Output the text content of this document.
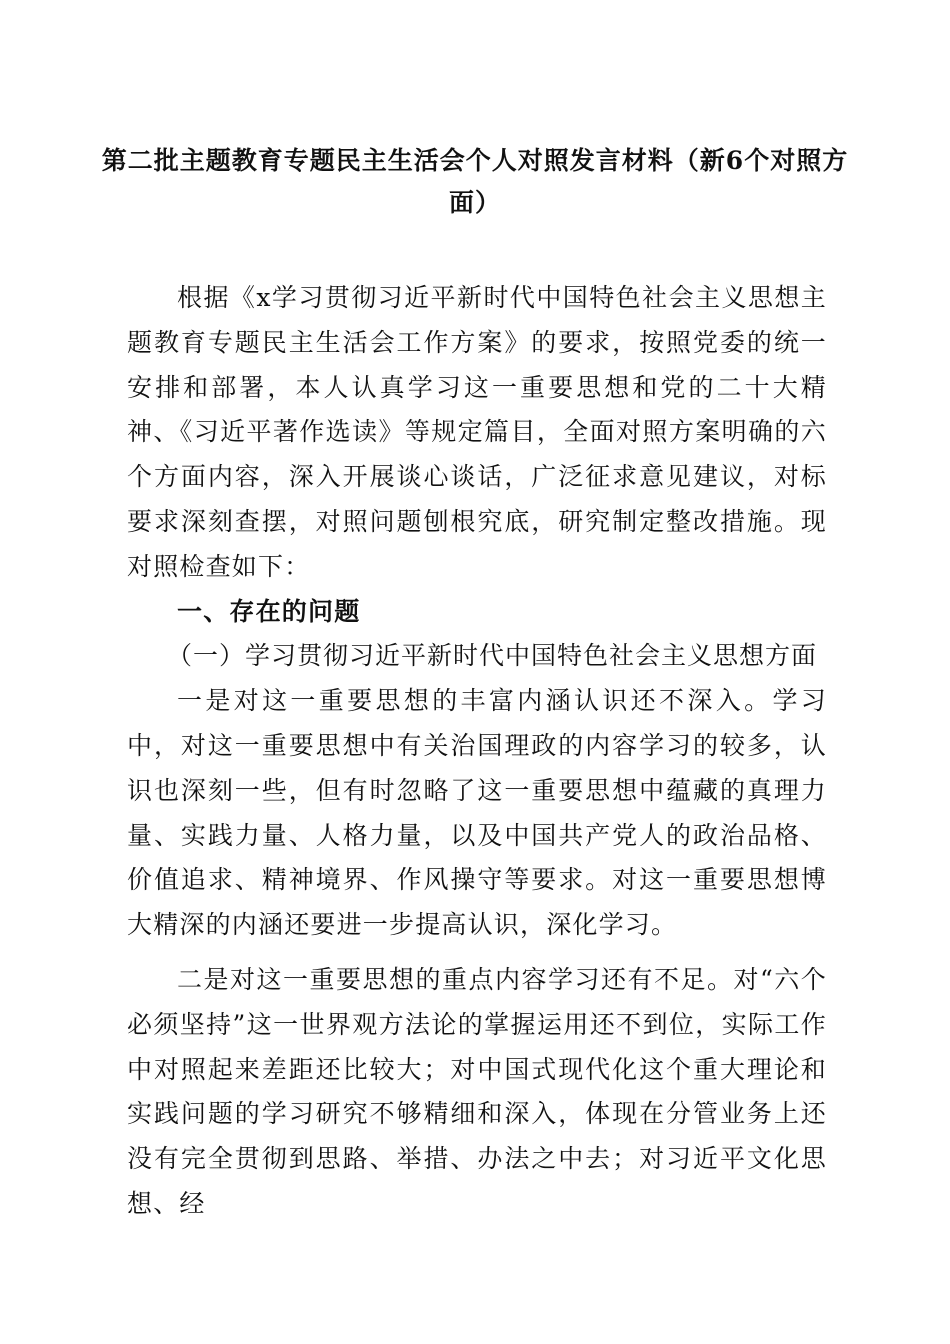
第二批主题教育专题民主生活会个人对照发言材料（新6个对照方面）

根据《x学习贯彻习近平新时代中国特色社会主义思想主题教育专题民主生活会工作方案》的要求，按照党委的统一安排和部署，本人认真学习这一重要思想和党的二十大精神、《习近平著作选读》等规定篇目，全面对照方案明确的六个方面内容，深入开展谈心谈话，广泛征求意见建议，对标要求深刻查摆，对照问题刨根究底，研究制定整改措施。现对照检查如下：

一、存在的问题

（一）学习贯彻习近平新时代中国特色社会主义思想方面

一是对这一重要思想的丰富内涵认识还不深入。学习中，对这一重要思想中有关治国理政的内容学习的较多，认识也深刻一些，但有时忽略了这一重要思想中蕴藏的真理力量、实践力量、人格力量，以及中国共产党人的政治品格、价值追求、精神境界、作风操守等要求。对这一重要思想博大精深的内涵还要进一步提高认识，深化学习。

二是对这一重要思想的重点内容学习还有不足。对“六个必须坚持”这一世界观方法论的掌握运用还不到位，实际工作中对照起来差距还比较大；对中国式现代化这个重大理论和实践问题的学习研究不够精细和深入，体现在分管业务上还没有完全贯彻到思路、举措、办法之中去；对习近平文化思想、经
